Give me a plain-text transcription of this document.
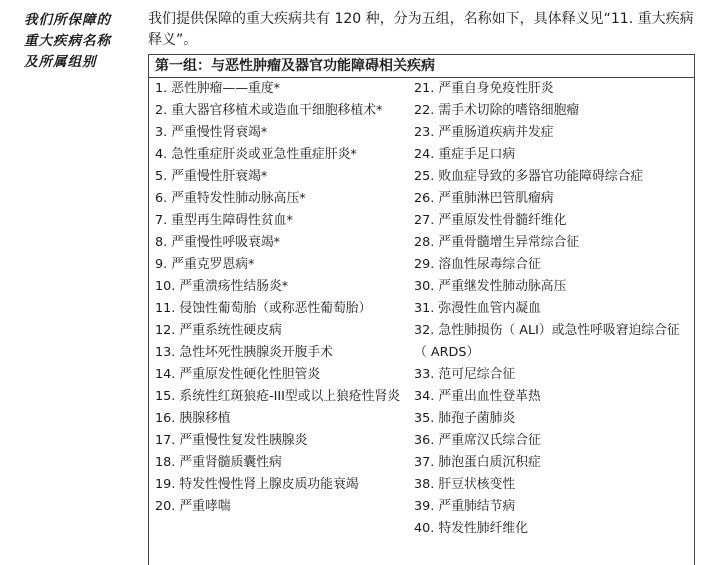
我们所保障的
重大疾病名称
及所属组别
我们提供保障的重大疾病共有 120 种，分为五组，名称如下，具体释义见“11. 重大疾病释义”。
第一组：与恶性肿瘤及器官功能障碍相关疾病
1. 恶性肿瘤——重度*
2. 重大器官移植术或造血干细胞移植术*
3. 严重慢性肾衰竭*
4. 急性重症肝炎或亚急性重症肝炎*
5. 严重慢性肝衰竭*
6. 严重特发性肺动脉高压*
7. 重型再生障碍性贫血*
8. 严重慢性呼吸衰竭*
9. 严重克罗恩病*
10. 严重溃疡性结肠炎*
11. 侵蚀性葡萄胎（或称恶性葡萄胎）
12. 严重系统性硬皮病
13. 急性坏死性胰腺炎开腹手术
14. 严重原发性硬化性胆管炎
15. 系统性红斑狼疮-III型或以上狼疮性肾炎
16. 胰腺移植
17. 严重慢性复发性胰腺炎
18. 严重肾髓质囊性病
19. 特发性慢性肾上腺皮质功能衰竭
20. 严重哮喘
21. 严重自身免疫性肝炎
22. 需手术切除的嗜铬细胞瘤
23. 严重肠道疾病并发症
24. 重症手足口病
25. 败血症导致的多器官功能障碍综合症
26. 严重肺淋巴管肌瘤病
27. 严重原发性骨髓纤维化
28. 严重骨髓增生异常综合征
29. 溶血性尿毒综合征
30. 严重继发性肺动脉高压
31. 弥漫性血管内凝血
32. 急性肺损伤（ ALI）或急性呼吸窘迫综合征（ ARDS）
33. 范可尼综合征
34. 严重出血性登革热
35. 肺孢子菌肺炎
36. 严重席汉氏综合征
37. 肺泡蛋白质沉积症
38. 肝豆状核变性
39. 严重肺结节病
40. 特发性肺纤维化
